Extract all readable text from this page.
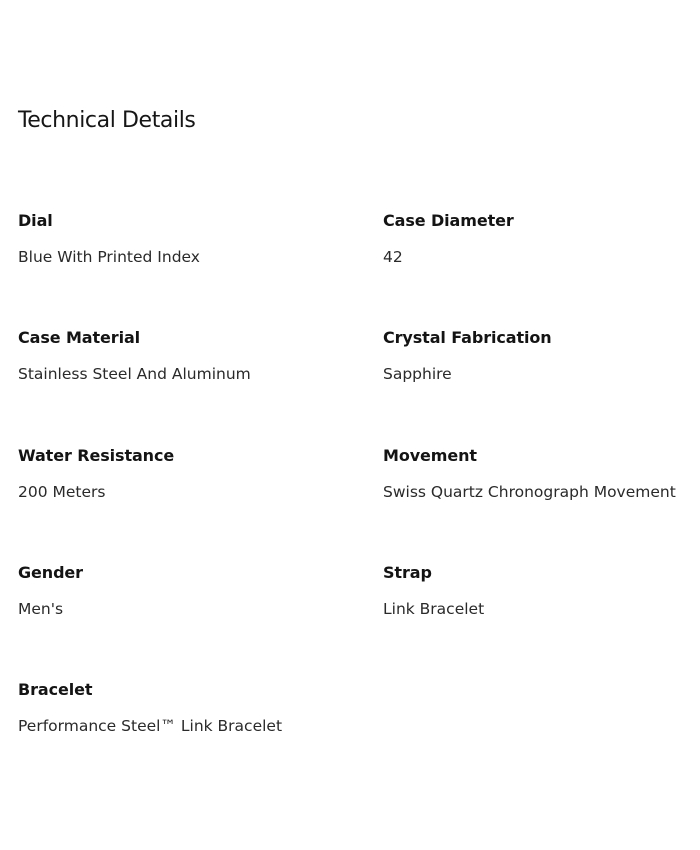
Technical Details
Dial
Blue With Printed Index
Case Diameter
42
Case Material
Stainless Steel And Aluminum
Crystal Fabrication
Sapphire
Water Resistance
200 Meters
Movement
Swiss Quartz Chronograph Movement
Gender
Men's
Strap
Link Bracelet
Bracelet
Performance Steel™ Link Bracelet
